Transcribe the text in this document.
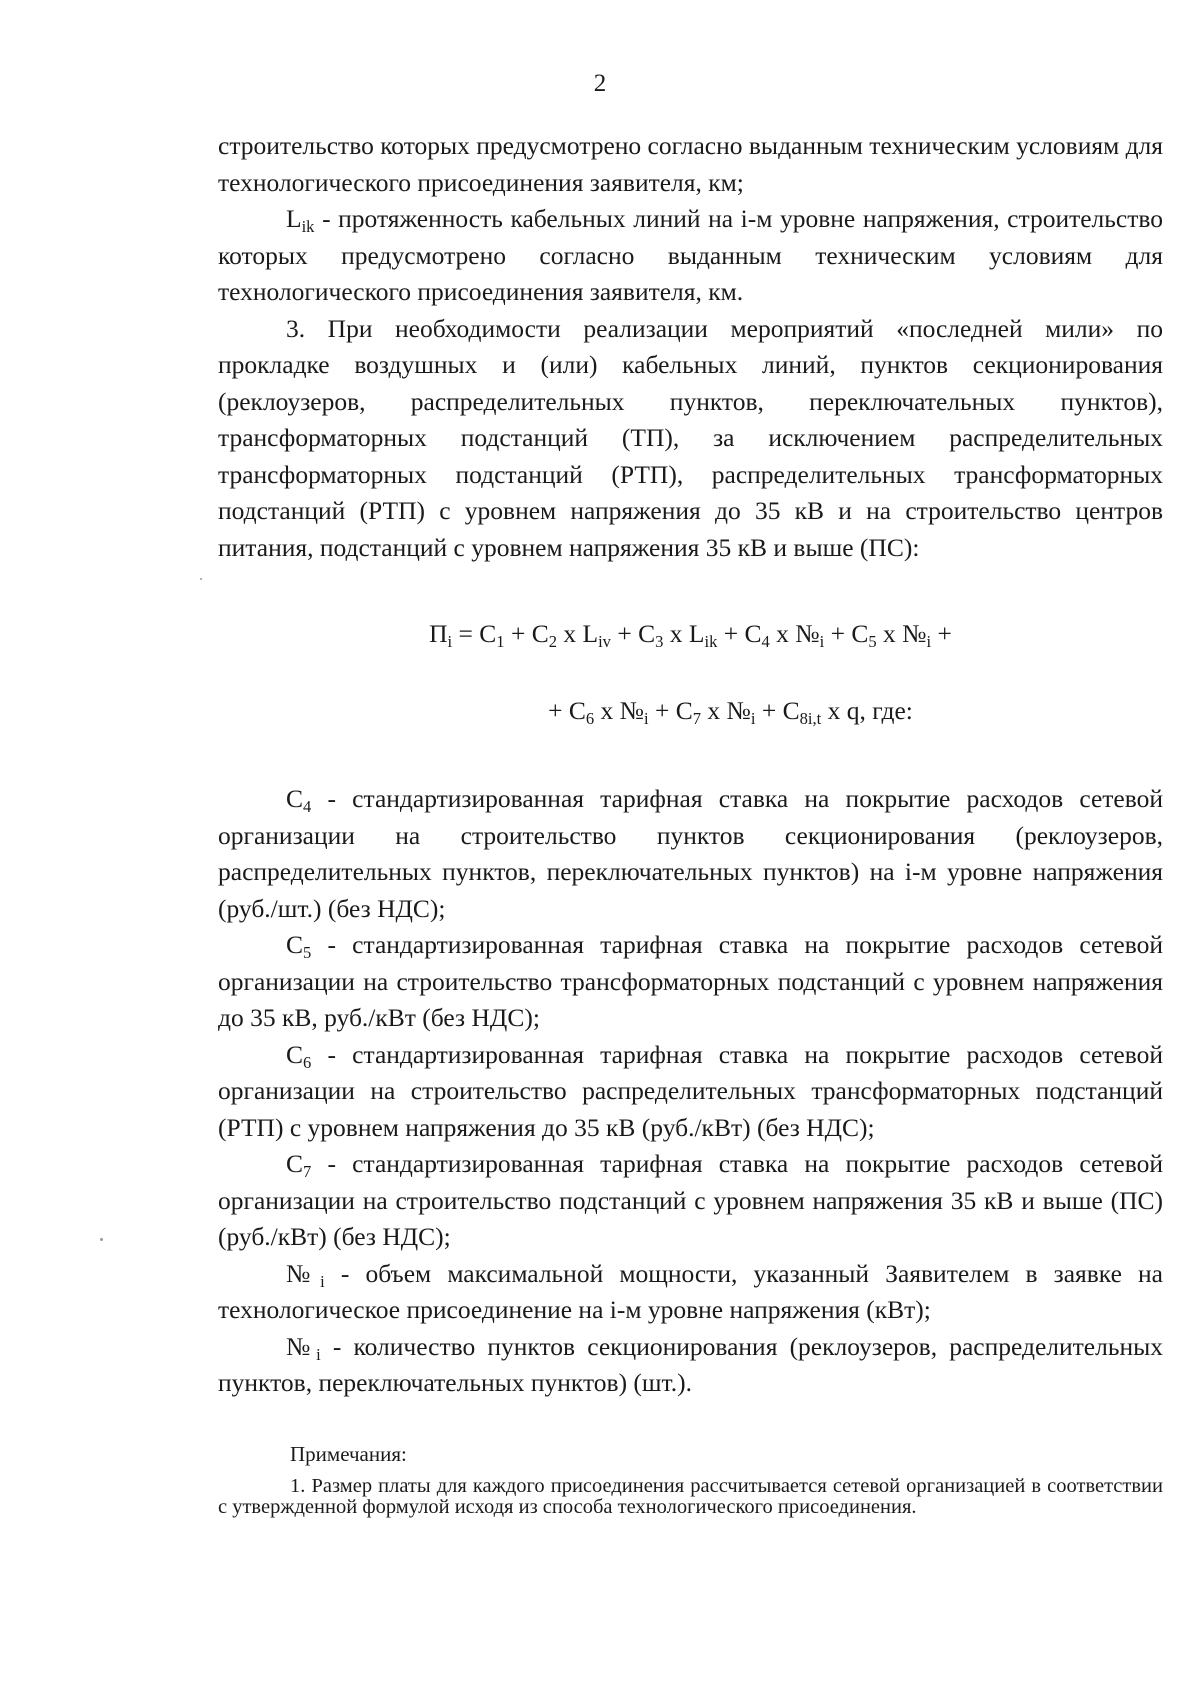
2

строительство которых предусмотрено согласно выданным техническим условиям для технологического присоединения заявителя, км;

$L_{ik}$ - протяженность кабельных линий на i-м уровне напряжения, строительство которых предусмотрено согласно выданным техническим условиям для технологического присоединения заявителя, км.

3. При необходимости реализации мероприятий «последней мили» по прокладке воздушных и (или) кабельных линий, пунктов секционирования (реклоузеров, распределительных пунктов, переключательных пунктов), трансформаторных подстанций (ТП), за исключением распределительных трансформаторных подстанций (РТП), распределительных трансформаторных подстанций (РТП) с уровнем напряжения до 35 кВ и на строительство центров питания, подстанций с уровнем напряжения 35 кВ и выше (ПС):

$П_i = С_1 + С_2$ x $L_{iv} + С_3$ x $L_{ik} + С_4$ x $№_i + С_5$ x $№_i$ +
+ $С_6$ x $№_i + С_7$ x $№_i + С_{8i,t}$ x q, где:

$С_4$ - стандартизированная тарифная ставка на покрытие расходов сетевой организации на строительство пунктов секционирования (реклоузеров, распределительных пунктов, переключательных пунктов) на i-м уровне напряжения (руб./шт.) (без НДС);

$С_5$ - стандартизированная тарифная ставка на покрытие расходов сетевой организации на строительство трансформаторных подстанций с уровнем напряжения до 35 кВ, руб./кВт (без НДС);

$С_6$ - стандартизированная тарифная ставка на покрытие расходов сетевой организации на строительство распределительных трансформаторных подстанций (РТП) с уровнем напряжения до 35 кВ (руб./кВт) (без НДС);

$С_7$ - стандартизированная тарифная ставка на покрытие расходов сетевой организации на строительство подстанций с уровнем напряжения 35 кВ и выше (ПС) (руб./кВт) (без НДС);

$№_i$ - объем максимальной мощности, указанный Заявителем в заявке на технологическое присоединение на i-м уровне напряжения (кВт);

$№_i$ - количество пунктов секционирования (реклоузеров, распределительных пунктов, переключательных пунктов) (шт.).

Примечания:
1. Размер платы для каждого присоединения рассчитывается сетевой организацией в соответствии с утвержденной формулой исходя из способа технологического присоединения.
